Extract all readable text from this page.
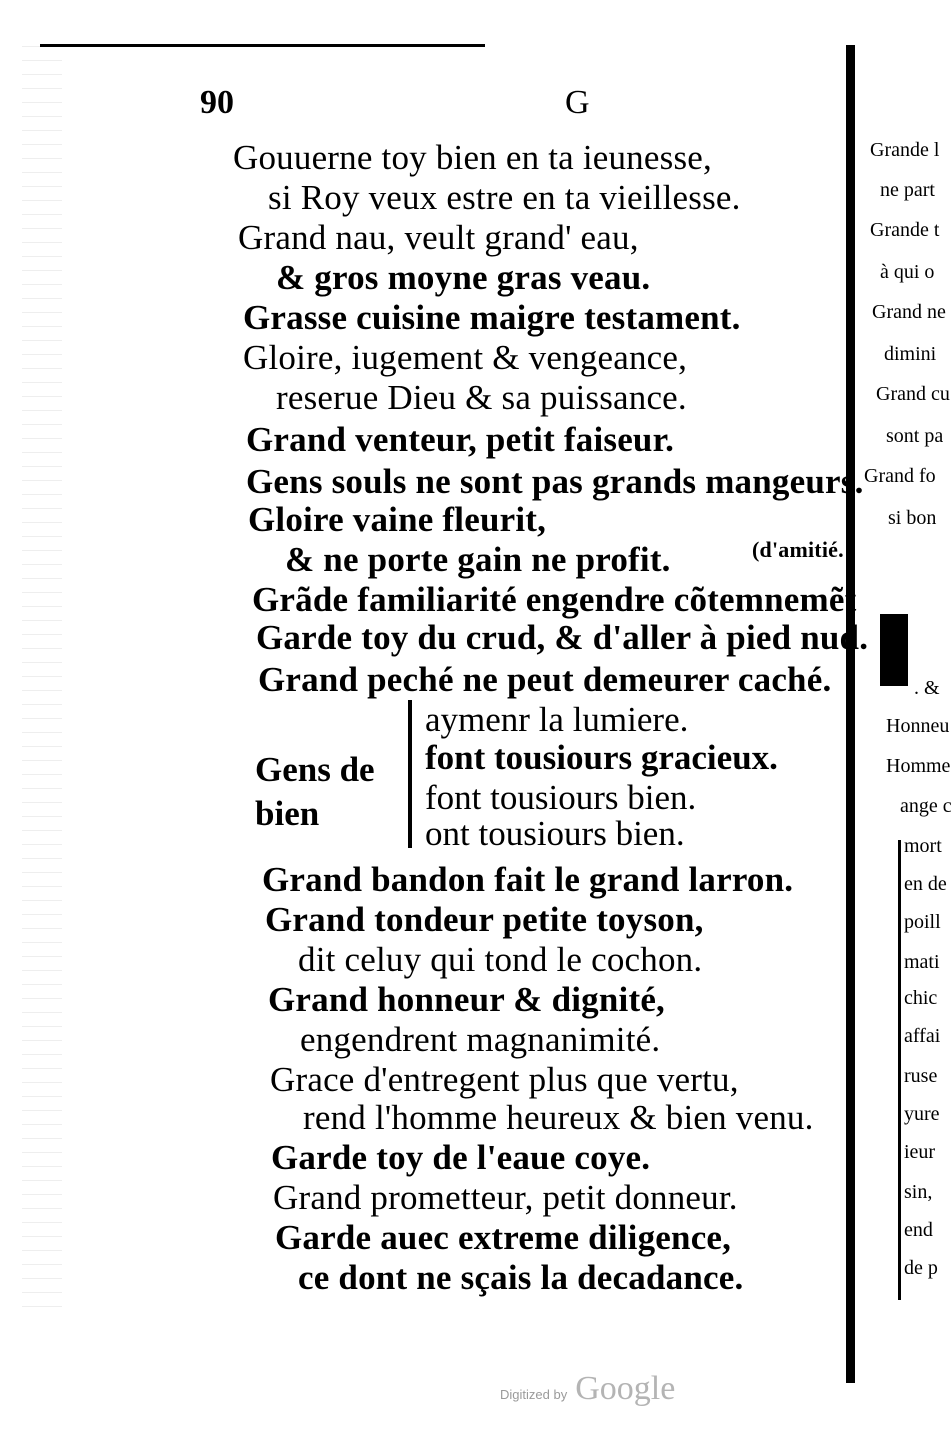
90	G
Gouuerne toy bien en ta ieunesse,
si Roy veux estre en ta vieillesse.
Grand nau, veult grand' eau,
& gros moyne gras veau.
Grasse cuisine maigre testament.
Gloire, iugement & vengeance,
reserue Dieu & sa puissance.
Grand venteur, petit faiseur.
Gens souls ne sont pas grands mangeurs.
Gloire vaine fleurit,
& ne porte gain ne profit.
Grãde familiarité engendre cõtemnemẽt
Garde toy du crud, & d'aller à pied nud.
Grand peché ne peut demeurer caché.
Gens de
bien
aymenr la lumiere.
font tousiours gracieux.
font tousiours bien.
ont tousiours bien.
Grand bandon fait le grand larron.
Grand tondeur petite toyson,
dit celuy qui tond le cochon.
Grand honneur & dignité,
engendrent magnanimité.
Grace d'entregent plus que vertu,
rend l'homme heureux & bien venu.
Garde toy de l'eaue coye.
Grand prometteur, petit donneur.
Garde auec extreme diligence,
ce dont ne sçais la decadance.
Grande l
ne part
Grande t
à qui o
Grand ne
dimini
Grand cu
sont pa
Grand fo
si bon
. &
Honneu
Homme
ange c
mort
en de
poill
mati
chic
affai
ruse
yure
ieur
sin,
end
de p
(d'amitié.
Digitized by Google
